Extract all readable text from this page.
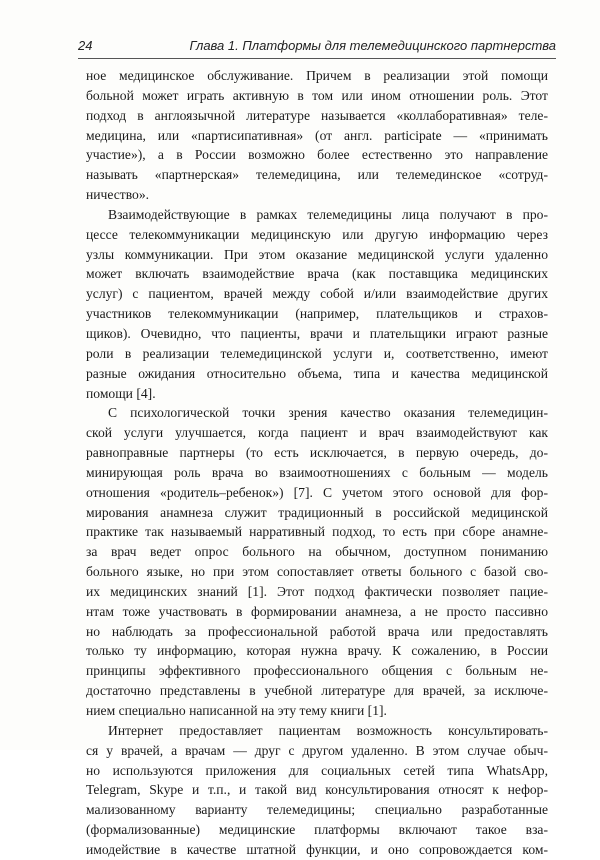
24	Глава 1. Платформы для телемедицинского партнерства
ное медицинское обслуживание. Причем в реализации этой помощи
больной может играть активную в том или ином отношении роль. Этот
подход в англоязычной литературе называется «коллаборативная» теле-
медицина, или «партисипативная» (от англ. participate — «принимать
участие»), а в России возможно более естественно это направление
называть «партнерская» телемедицина, или телемединское «сотруд-
ничество».
Взаимодействующие в рамках телемедицины лица получают в про-
цессе телекоммуникации медицинскую или другую информацию через
узлы коммуникации. При этом оказание медицинской услуги удаленно
может включать взаимодействие врача (как поставщика медицинских
услуг) с пациентом, врачей между собой и/или взаимодействие других
участников телекоммуникации (например, плательщиков и страхов-
щиков). Очевидно, что пациенты, врачи и плательщики играют разные
роли в реализации телемедицинской услуги и, соответственно, имеют
разные ожидания относительно объема, типа и качества медицинской
помощи [4].
С психологической точки зрения качество оказания телемедицин-
ской услуги улучшается, когда пациент и врач взаимодействуют как
равноправные партнеры (то есть исключается, в первую очередь, до-
минирующая роль врача во взаимоотношениях с больным — модель
отношения «родитель–ребенок») [7]. С учетом этого основой для фор-
мирования анамнеза служит традиционный в российской медицинской
практике так называемый нарративный подход, то есть при сборе анамне-
за врач ведет опрос больного на обычном, доступном пониманию
больного языке, но при этом сопоставляет ответы больного с базой сво-
их медицинских знаний [1]. Этот подход фактически позволяет пацие-
нтам тоже участвовать в формировании анамнеза, а не просто пассивно
но наблюдать за профессиональной работой врача или предоставлять
только ту информацию, которая нужна врачу. К сожалению, в России
принципы эффективного профессионального общения с больным не-
достаточно представлены в учебной литературе для врачей, за исключе-
нием специально написанной на эту тему книги [1].
Интернет предоставляет пациентам возможность консультировать-
ся у врачей, а врачам — друг с другом удаленно. В этом случае обыч-
но используются приложения для социальных сетей типа WhatsApp,
Telegram, Skype и т.п., и такой вид консультирования относят к нефор-
мализованному варианту телемедицины; специально разработанные
(формализованные) медицинские платформы включают такое вза-
имодействие в качестве штатной функции, и оно сопровождается ком-
